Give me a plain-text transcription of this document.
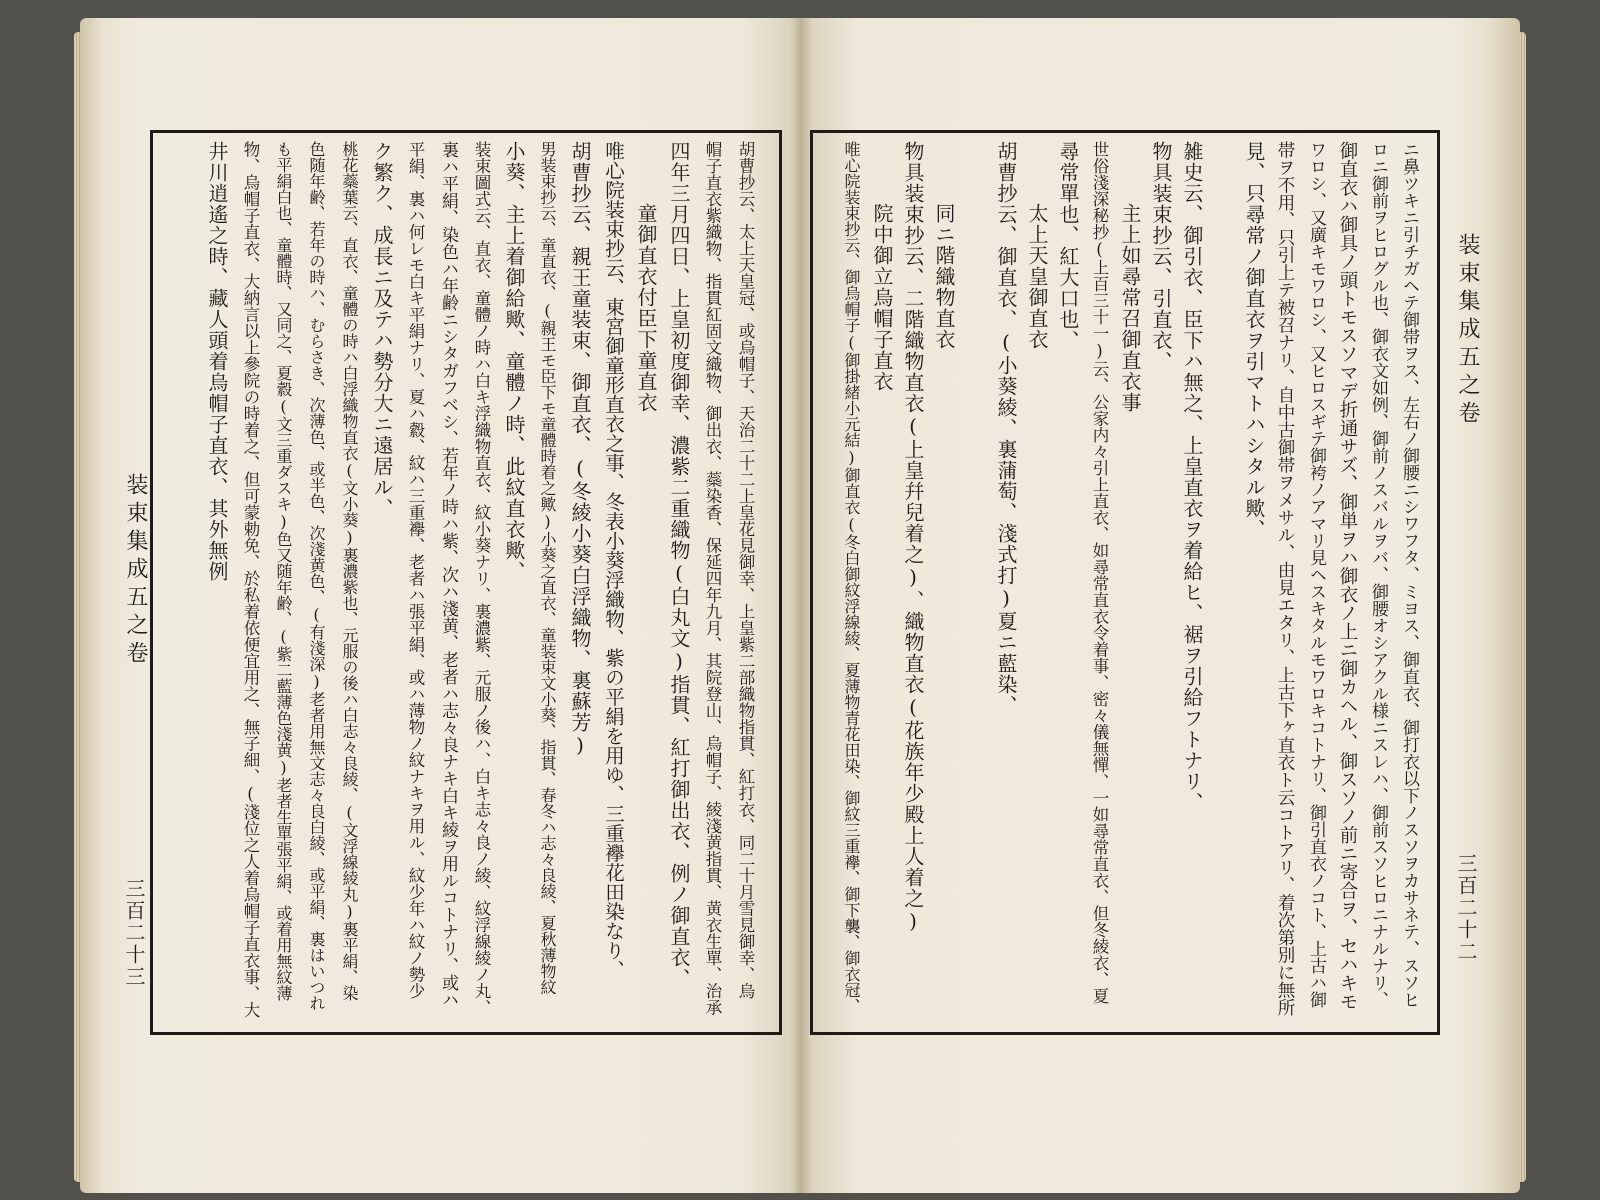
装束集成五之卷
三百二十三	胡曹抄云、太上天皇冠、或烏帽子、天治二十二上皇花見御幸、上皇紫二部織物指貫、紅打衣、同二十月雪見御幸、烏
帽子直衣紫織物、指貫紅固文織物、御出衣、蘂染香、保延四年九月、其院登山、烏帽子、綾淺黄指貫、黄衣生單、治承
四年三月四日、上皇初度御幸、濃紫二重織物(白丸文)指貫、紅打御出衣、例ノ御直衣、
童御直衣付臣下童直衣
唯心院装束抄云、東宮御童形直衣之事、冬表小葵浮織物、紫の平絹を用ゆ、三重襷花田染なり、
胡曹抄云、親王童装束、御直衣、(冬綾小葵白浮織物、裏蘇芳)
男装束抄云、童直衣、(親王モ臣下モ童體時着之歟)小葵之直衣、童装束文小葵、指貫、春冬ハ志々良綾、夏秋薄物紋
小葵、主上着御給歟、童體ノ時、此紋直衣歟、
装束圖式云、直衣、童體ノ時ハ白キ浮織物直衣、紋小葵ナリ、裏濃紫、元服ノ後ハ、白キ志々良ノ綾、紋浮線綾ノ丸、
裏ハ平絹、染色ハ年齢ニシタガフベシ、若年ノ時ハ紫、次ハ淺黄、老者ハ志々良ナキ白キ綾ヲ用ルコトナリ、或ハ
平絹、裏ハ何レモ白キ平絹ナリ、夏ハ縠、紋ハ三重襷、老者ハ張平絹、或ハ薄物ノ紋ナキヲ用ル、紋少年ハ紋ノ勢少
ク繁ク、成長ニ及テハ勢分大ニ遠居ル、
桃花蘂葉云、直衣、童體の時ハ白浮織物直衣(文小葵)裏濃紫也、元服の後ハ白志々良綾、(文浮線綾丸)裏平絹、染
色随年齢、若年の時ハ、むらさき、次薄色、或半色、次淺黄色、(有淺深)老者用無文志々良白綾、或平絹、裏はいつれ
も平絹白也、童體時、又同之、夏縠(文三重ダスキ)色又随年齢、(紫二藍薄色淺黄)老者生單張平絹、或着用無紋薄
物、烏帽子直衣、大納言以上參院の時着之、但可蒙勅免、於私着依便宜用之、無子細、(淺位之人着烏帽子直衣事、大
井川逍遙之時、藏人頭着烏帽子直衣、其外無例	装束集成五之卷
三百二十二
ニ鼻ツキニ引チガヘテ御帯ヲス、左右ノ御腰ニシワフタ、ミヨス、御直衣、御打衣以下ノスソヲカサネテ、スソヒ
ロニ御前ヲヒログル也、御衣文如例、御前ノスバルヲバ、御腰オシアクル様ニスレハ、御前スソヒロニナルナリ、
御直衣ハ御具ノ頭トモスソマデ折通サズ、御単ヲハ御衣ノ上ニ御カヘル、御スソノ前ニ寄合ヲ、セハキモ
ワロシ、又廣キモワロシ、又ヒロスギテ御袴ノアマリ見ヘスキタルモワロキコトナリ、御引直衣ノコト、上古ハ御
帯ヲ不用、只引上テ被召ナリ、自中古御帯ヲメサル、由見エタリ、上古下ヶ直衣ト云コトアリ、着次第別に無所
見、只尋常ノ御直衣ヲ引マトハシタル歟、
雑史云、御引衣、臣下ハ無之、上皇直衣ヲ着給ヒ、裾ヲ引給フトナリ、
物具装束抄云、引直衣、
主上如尋常召御直衣事
世俗淺深秘抄(上百三十一)云、公家内々引上直衣、如尋常直衣令着事、密々儀無憚、一如尋常直衣、但冬綾衣、夏
尋常單也、紅大口也、
太上天皇御直衣
胡曹抄云、御直衣、(小葵綾、裏蒲萄、淺式打)夏ニ藍染、
同ニ階織物直衣
物具装束抄云、二階織物直衣(上皇幷兒着之)、織物直衣(花族年少殿上人着之)
院中御立烏帽子直衣
唯心院装束抄云、御烏帽子(御掛緒小元結)御直衣(冬白御紋浮線綾、夏薄物青花田染、御紋三重襷、御下襲、御衣冠、
